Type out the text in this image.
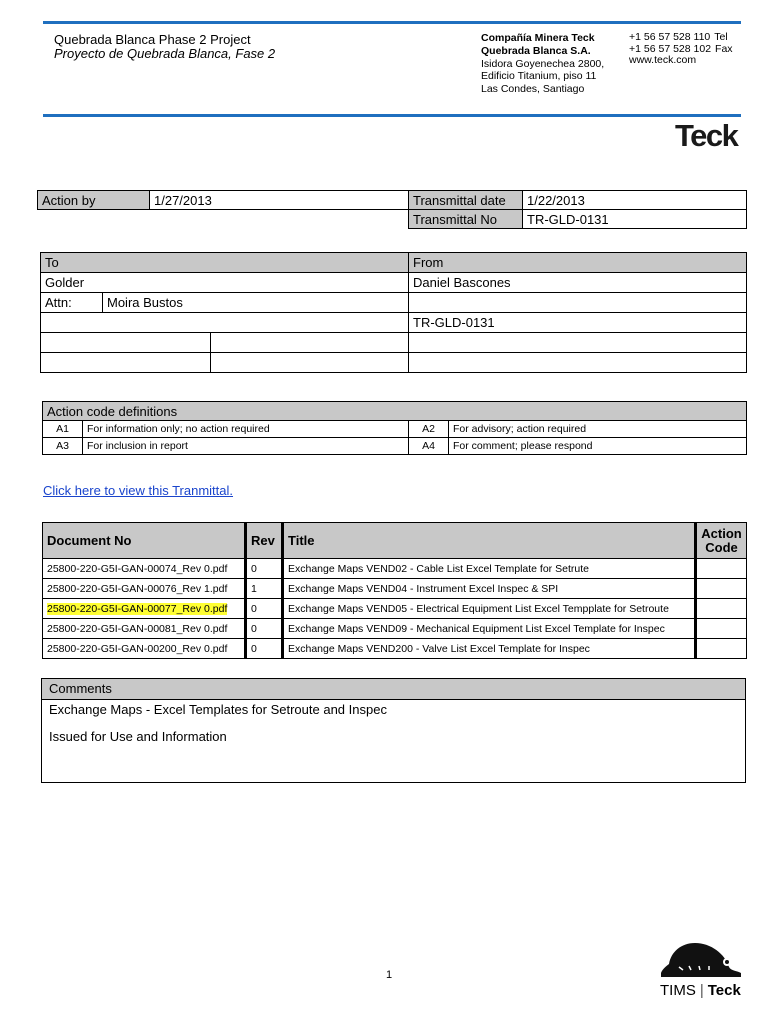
Quebrada Blanca Phase 2 Project
Proyecto de Quebrada Blanca, Fase 2
Compañía Minera Teck
Quebrada Blanca S.A.
Isidora Goyenechea 2800,
Edificio Titanium, piso 11
Las Condes, Santiago
+1 56 57 528 110 Tel
+1 56 57 528 102 Fax
www.teck.com
Teck
Action by	1/27/2013	Transmittal date	1/22/2013
		Transmittal No	TR-GLD-0131
To			From
Golder			Daniel Bascones
Attn:	Moira Bustos		
			TR-GLD-0131

Action code definitions			
A1	For information only; no action required	A2	For advisory; action required
A3	For inclusion in report	A4	For comment; please respond
Click here to view this Tranmittal.
Document No	Rev	Title	Action Code
25800-220-G5I-GAN-00074_Rev 0.pdf	0	Exchange Maps VEND02 - Cable List Excel Template for Setrute	
25800-220-G5I-GAN-00076_Rev 1.pdf	1	Exchange Maps VEND04 - Instrument Excel Inspec & SPI	
25800-220-G5I-GAN-00077_Rev 0.pdf	0	Exchange Maps VEND05 - Electrical Equipment List Excel Tempplate for Setroute	
25800-220-G5I-GAN-00081_Rev 0.pdf	0	Exchange Maps VEND09 - Mechanical Equipment List Excel Template for Inspec	
25800-220-G5I-GAN-00200_Rev 0.pdf	0	Exchange Maps VEND200 - Valve List Excel Template for Inspec	
Comments
Exchange Maps - Excel Templates for Setroute and Inspec
Issued for Use and Information
1
TIMS | Teck
